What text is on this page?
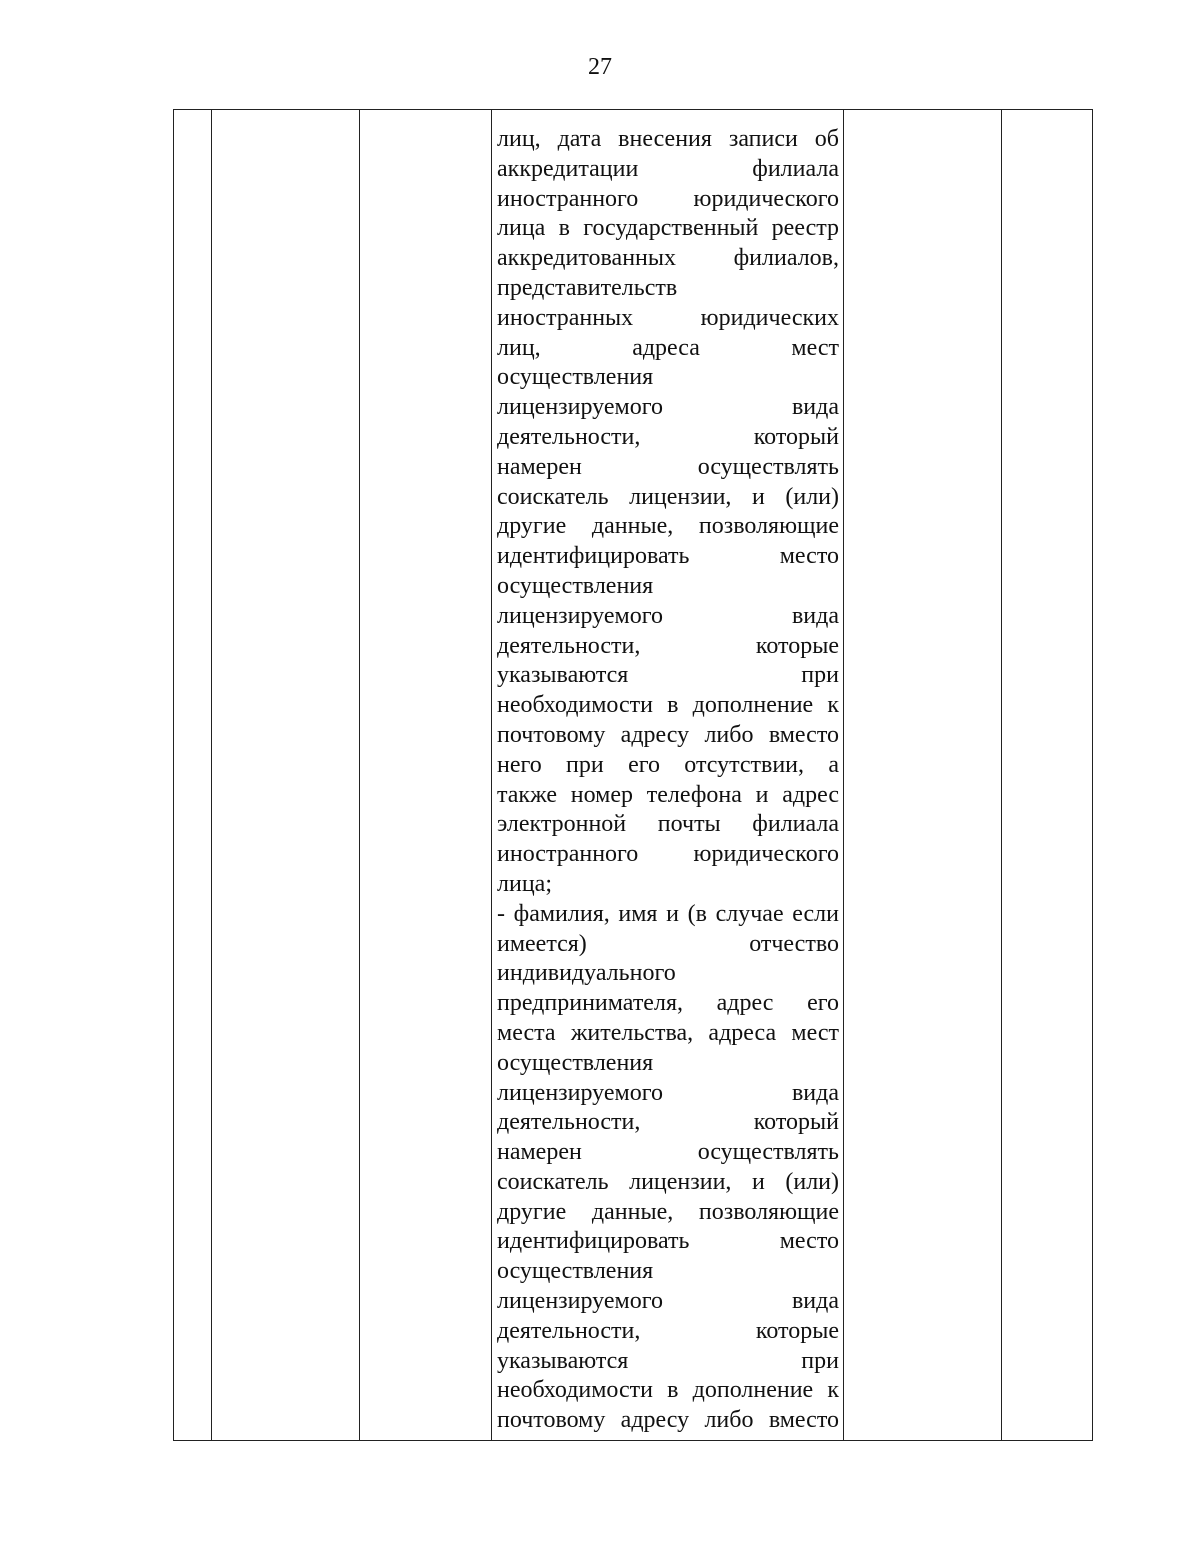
27
лиц, дата внесения записи об
аккредитации филиала
иностранного юридического
лица в государственный реестр
аккредитованных филиалов,
представительств
иностранных юридических
лиц, адреса мест
осуществления
лицензируемого вида
деятельности, который
намерен осуществлять
соискатель лицензии, и (или)
другие данные, позволяющие
идентифицировать место
осуществления
лицензируемого вида
деятельности, которые
указываются при
необходимости в дополнение к
почтовому адресу либо вместо
него при его отсутствии, а
также номер телефона и адрес
электронной почты филиала
иностранного юридического
лица;
- фамилия, имя и (в случае если
имеется) отчество
индивидуального
предпринимателя, адрес его
места жительства, адреса мест
осуществления
лицензируемого вида
деятельности, который
намерен осуществлять
соискатель лицензии, и (или)
другие данные, позволяющие
идентифицировать место
осуществления
лицензируемого вида
деятельности, которые
указываются при
необходимости в дополнение к
почтовому адресу либо вместо
